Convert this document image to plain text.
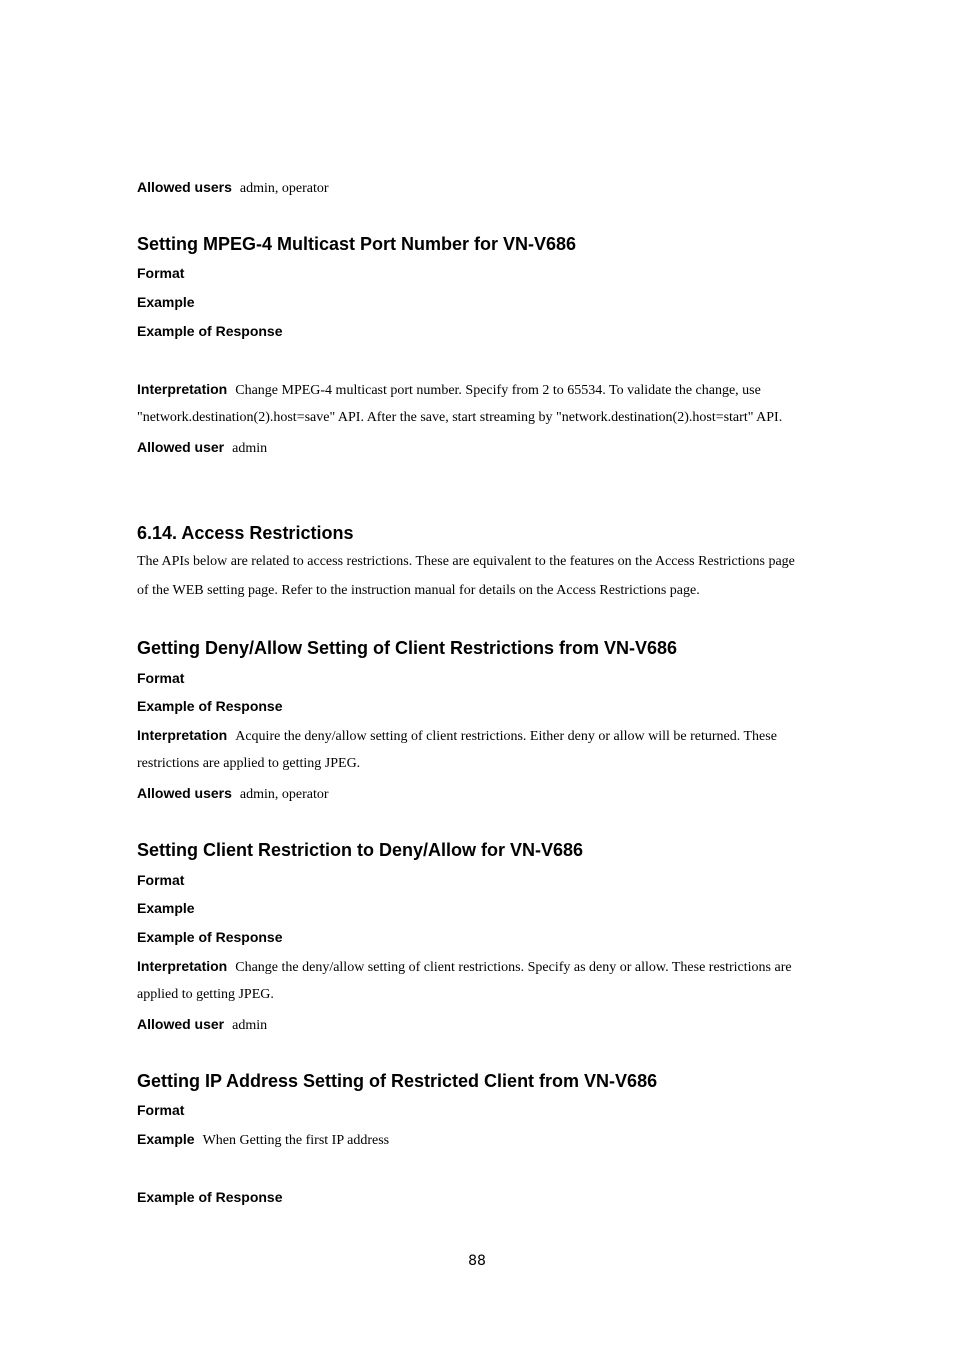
Allowed users admin, operator
Setting MPEG-4 Multicast Port Number for VN-V686
Format
Example
Example of Response
Interpretation Change MPEG-4 multicast port number. Specify from 2 to 65534. To validate the change, use
"network.destination(2).host=save" API. After the save, start streaming by "network.destination(2).host=start" API.
Allowed user admin
6.14. Access Restrictions
The APIs below are related to access restrictions. These are equivalent to the features on the Access Restrictions page
of the WEB setting page. Refer to the instruction manual for details on the Access Restrictions page.
Getting Deny/Allow Setting of Client Restrictions from VN-V686
Format
Example of Response
Interpretation Acquire the deny/allow setting of client restrictions. Either deny or allow will be returned. These
restrictions are applied to getting JPEG.
Allowed users admin, operator
Setting Client Restriction to Deny/Allow for VN-V686
Format
Example
Example of Response
Interpretation Change the deny/allow setting of client restrictions. Specify as deny or allow. These restrictions are
applied to getting JPEG.
Allowed user admin
Getting IP Address Setting of Restricted Client from VN-V686
Format
Example When Getting the first IP address
Example of Response
88
